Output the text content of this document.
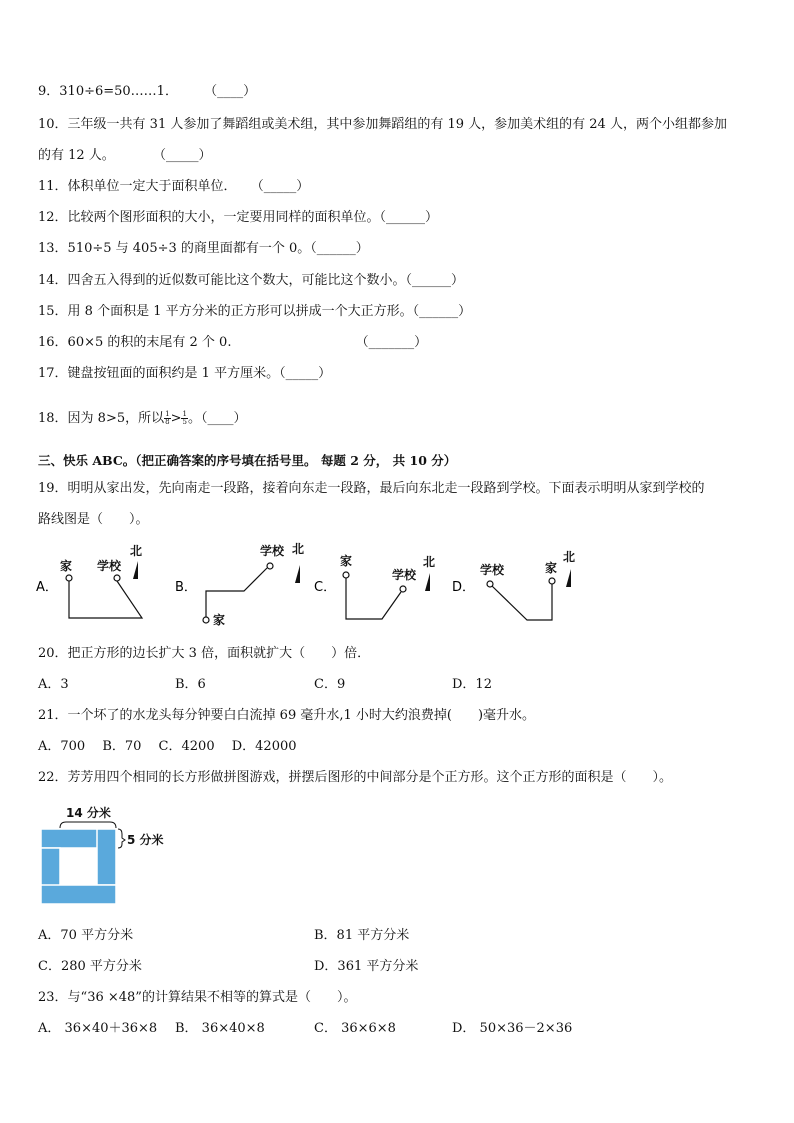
9．310÷6=50……1． （____）
10．三年级一共有 31 人参加了舞蹈组或美术组，其中参加舞蹈组的有 19 人，参加美术组的有 24 人，两个小组都参加
的有 12 人。	（_____）
11．体积单位一定大于面积单位． （_____）
12．比较两个图形面积的大小，一定要用同样的面积单位。（______）
13．510÷5 与 405÷3 的商里面都有一个 0。（______）
14．四舍五入得到的近似数可能比这个数大，可能比这个数小。（______）
15．用 8 个面积是 1 平方分米的正方形可以拼成一个大正方形。（______）
16．60×5 的积的末尾有 2 个 0.	（_______）
17．键盘按钮面的面积约是 1 平方厘米。（_____）
18．因为 8>5，所以 $\frac{1}{8} > \frac{1}{5}$ 。（____）
三、快乐 ABC。（把正确答案的序号填在括号里。 每题 2 分， 共 10 分）
19．明明从家出发，先向南走一段路，接着向东走一段路，最后向东北走一段路到学校。下面表示明明从家到学校的
路线图是（　　）。
A．	B．	C．	D．
家 学校
北	学校 北
家
家
学校
北
学校	家
北
20．把正方形的边长扩大 3 倍，面积就扩大（　　）倍．
A．3	B．6	C．9	D．12
21．一个坏了的水龙头每分钟要白白流掉 69 毫升水,1 小时大约浪费掉(　　)毫升水。
A．700　 B．70　 C．4200　 D．42000
22．芳芳用四个相同的长方形做拼图游戏，拼摆后图形的中间部分是个正方形。这个正方形的面积是（　　）。
14 分米
5 分米
A．70 平方分米	B．81 平方分米
C．280 平方分米	D．361 平方分米
23．与“36 ×48”的计算结果不相等的算式是（　　）。
A． 36×40＋36×8 B． 36×40×8	C． 36×6×8	D． 50×36－2×36
